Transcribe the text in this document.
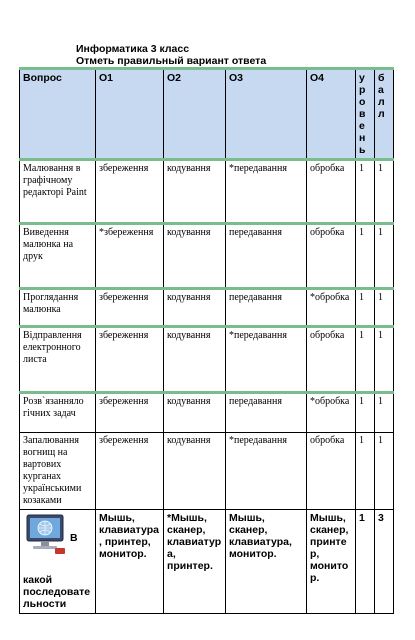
Информатика 3 класс
Отметь правильный вариант ответа
Вопрос	О1	О2	О3	О4	уровень	балл

Малювання в графічному редакторі Paint	збереження	кодування	*передавання	обробка	1	1
Виведення малюнка на друк	*збереження	кодування	передавання	обробка	1	1
Проглядання малюнка	збереження	кодування	передавання	*обробка	1	1
Відправлення електронного листа	збереження	кодування	*передавання	обробка	1	1
Розв`язанняло гічних задач	збереження	кодування	передавання	*обробка	1	1
Запалювання вогнищ на вартових курганах українськими козаками	збереження	кодування	*передавання	обробка	1	1

В
какой последовательности	Мышь, клавиатура, принтер, монитор.	*Мышь, сканер, клавиатура, принтер.	Мышь, сканер, клавиатура, монитор.	Мышь, сканер, принтер, монитор.	1	3
